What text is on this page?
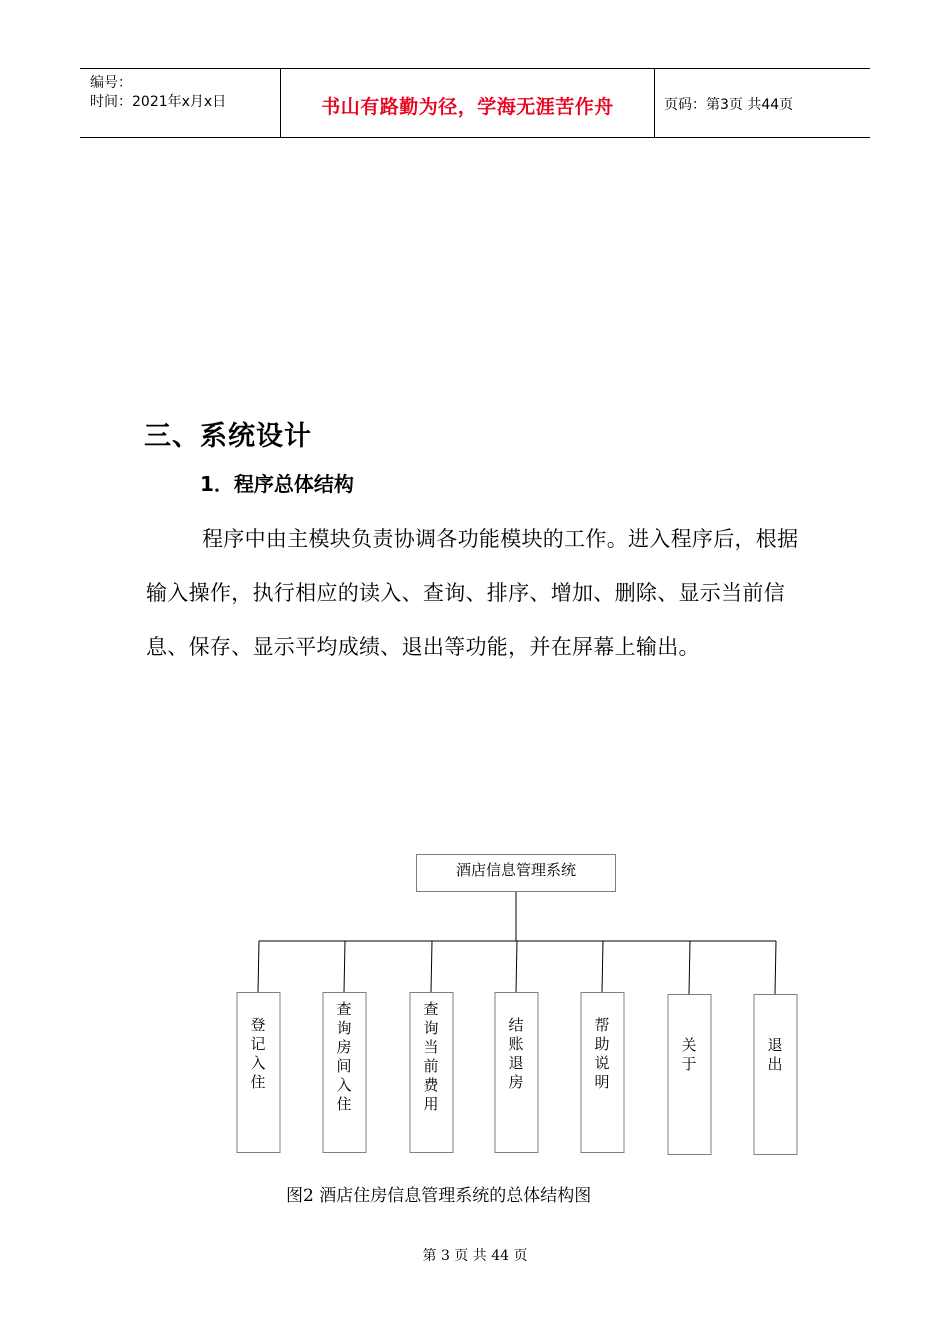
编号：
时间：2021年x月x日	书山有路勤为径，学海无涯苦作舟	页码：第3页 共44页
三、系统设计
1．程序总体结构
程序中由主模块负责协调各功能模块的工作。进入程序后，根据输入操作，执行相应的读入、查询、排序、增加、删除、显示当前信息、保存、显示平均成绩、退出等功能，并在屏幕上输出。
酒店信息管理系统
登
记
入
住
查
询
房
间
入
住
查
询
当
前
费
用
结
账
退
房
帮
助
说
明
关
于
退
出
图2 酒店住房信息管理系统的总体结构图
第 3 页 共 44 页
